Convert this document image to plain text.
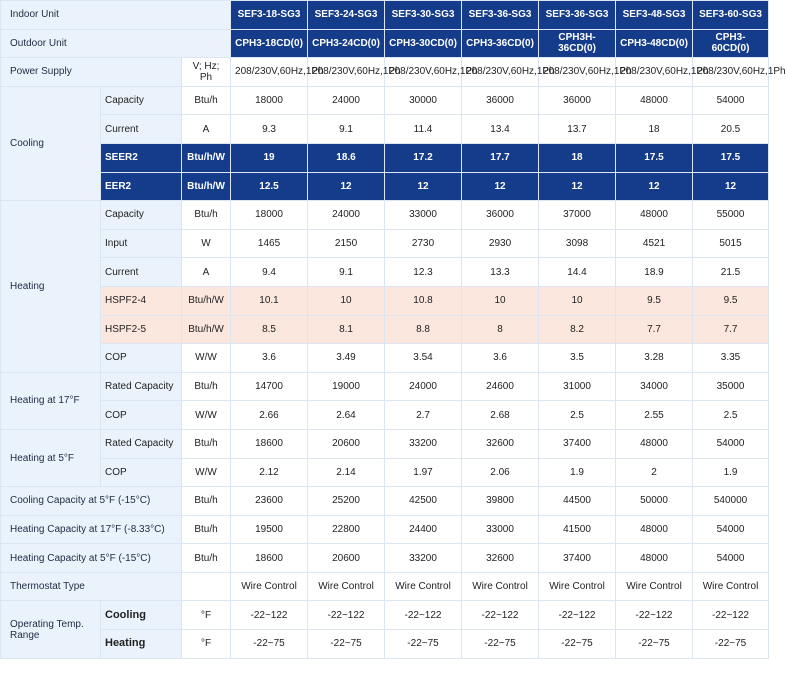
Indoor Unit			SEF3-18-SG3	SEF3-24-SG3	SEF3-30-SG3	SEF3-36-SG3	SEF3-36-SG3	SEF3-48-SG3	SEF3-60-SG3
Outdoor Unit			CPH3-18CD(0)	CPH3-24CD(0)	CPH3-30CD(0)	CPH3-36CD(0)	CPH3H-36CD(0)	CPH3-48CD(0)	CPH3-60CD(0)
Power Supply		V; Hz; Ph	208/230V,60Hz,1Ph	208/230V,60Hz,1Ph	208/230V,60Hz,1Ph	208/230V,60Hz,1Ph	208/230V,60Hz,1Ph	208/230V,60Hz,1Ph	208/230V,60Hz,1Ph
Cooling	Capacity	Btu/h	18000	24000	30000	36000	36000	48000	54000
	Current	A	9.3	9.1	11.4	13.4	13.7	18	20.5
	SEER2	Btu/h/W	19	18.6	17.2	17.7	18	17.5	17.5
	EER2	Btu/h/W	12.5	12	12	12	12	12	12
Heating	Capacity	Btu/h	18000	24000	33000	36000	37000	48000	55000
	Input	W	1465	2150	2730	2930	3098	4521	5015
	Current	A	9.4	9.1	12.3	13.3	14.4	18.9	21.5
	HSPF2-4	Btu/h/W	10.1	10	10.8	10	10	9.5	9.5
	HSPF2-5	Btu/h/W	8.5	8.1	8.8	8	8.2	7.7	7.7
	COP	W/W	3.6	3.49	3.54	3.6	3.5	3.28	3.35
Heating at 17°F	Rated Capacity	Btu/h	14700	19000	24000	24600	31000	34000	35000
	COP	W/W	2.66	2.64	2.7	2.68	2.5	2.55	2.5
Heating at 5°F	Rated Capacity	Btu/h	18600	20600	33200	32600	37400	48000	54000
	COP	W/W	2.12	2.14	1.97	2.06	1.9	2	1.9
Cooling Capacity at 5°F (-15°C)		Btu/h	23600	25200	42500	39800	44500	50000	540000
Heating Capacity at 17°F (-8.33°C)		Btu/h	19500	22800	24400	33000	41500	48000	54000
Heating Capacity at 5°F (-15°C)		Btu/h	18600	20600	33200	32600	37400	48000	54000
Thermostat Type			Wire Control	Wire Control	Wire Control	Wire Control	Wire Control	Wire Control	Wire Control
Operating Temp. Range	Cooling	°F	-22~122	-22~122	-22~122	-22~122	-22~122	-22~122	-22~122
	Heating	°F	-22~75	-22~75	-22~75	-22~75	-22~75	-22~75	-22~75
